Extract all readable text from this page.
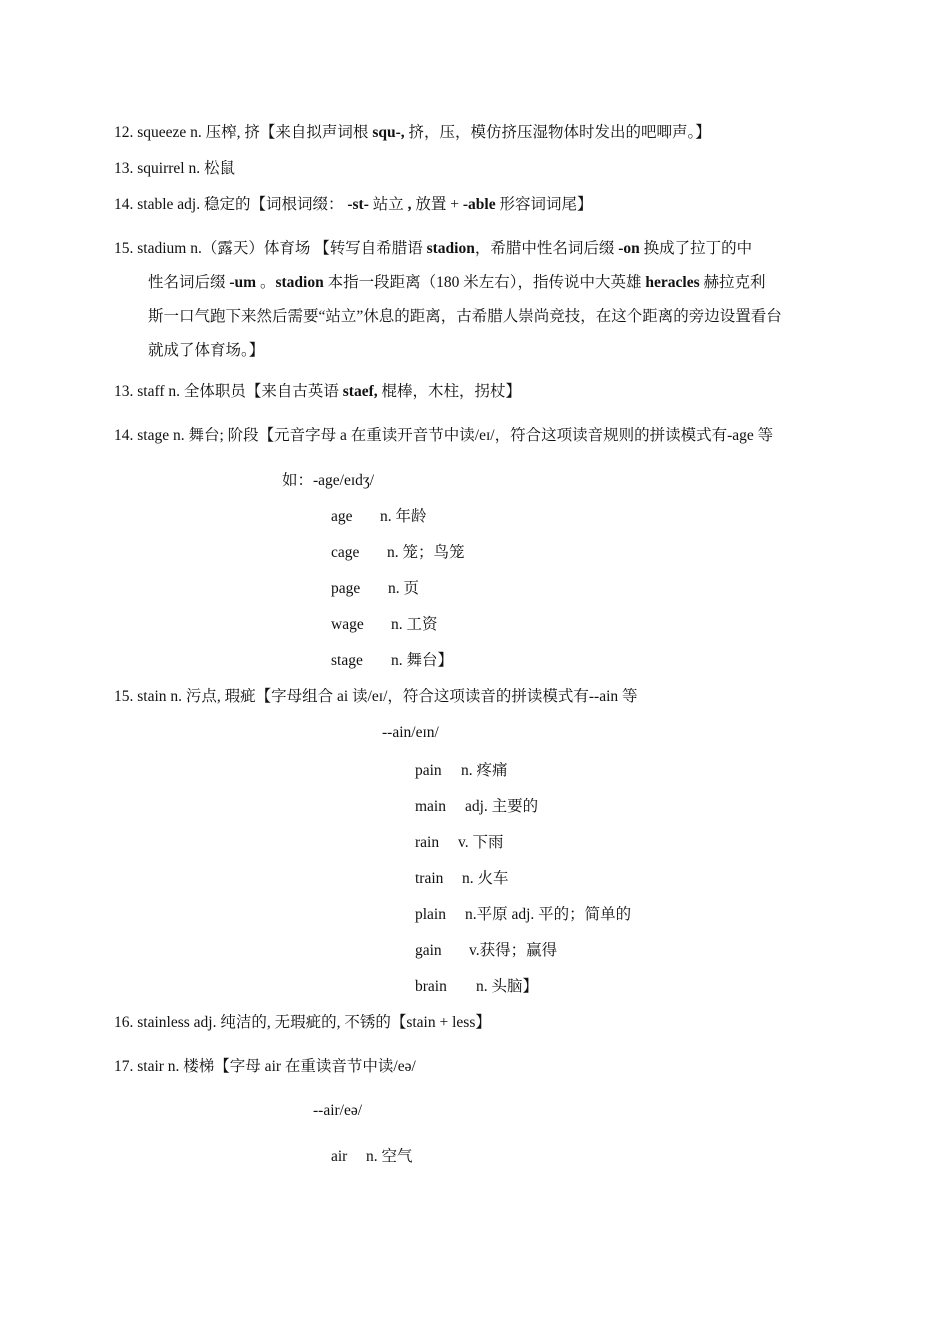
12. squeeze n. 压榨, 挤【来自拟声词根 squ-, 挤，压，模仿挤压湿物体时发出的吧唧声。】
13. squirrel n. 松鼠
14. stable adj. 稳定的【词根词缀： -st- 站立 , 放置 + -able 形容词词尾】
15. stadium n.（露天）体育场 【转写自希腊语 stadion，希腊中性名词后缀 -on 换成了拉丁的中
性名词后缀 -um 。stadion 本指一段距离（180 米左右），指传说中大英雄 heracles 赫拉克利
斯一口气跑下来然后需要“站立”休息的距离，古希腊人崇尚竞技，在这个距离的旁边设置看台
就成了体育场。】
13. staff n. 全体职员【来自古英语 staef, 棍棒，木柱，拐杖】
14. stage n. 舞台; 阶段【元音字母 a 在重读开音节中读/eɪ/，符合这项读音规则的拼读模式有-age 等
如：-age/eɪdʒ/
age n. 年龄
cage n. 笼；鸟笼
page n. 页
wage n. 工资
stage n. 舞台】
15. stain n. 污点, 瑕疵【字母组合 ai 读/eɪ/，符合这项读音的拼读模式有--ain 等
--ain/eɪn/
pain n. 疼痛
main adj. 主要的
rain v. 下雨
train n. 火车
plain n.平原 adj. 平的；简单的
gain v.获得；赢得
brain n. 头脑】
16. stainless adj. 纯洁的, 无瑕疵的, 不锈的【stain + less】
17. stair n. 楼梯【字母 air 在重读音节中读/eə/
--air/eə/
air n. 空气
